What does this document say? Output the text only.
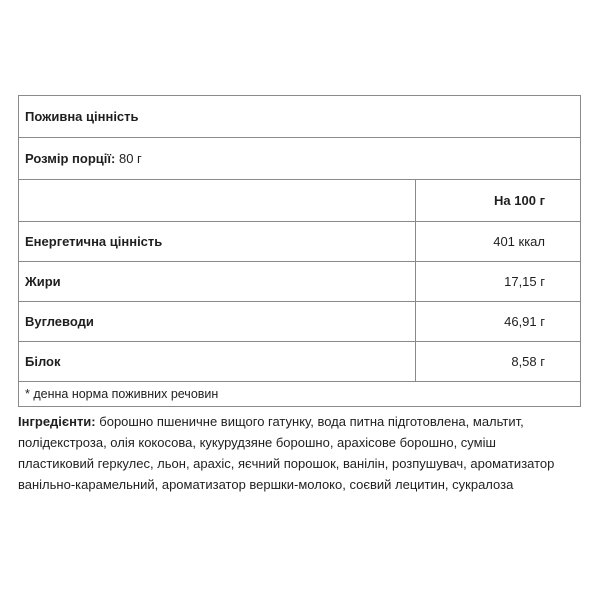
Поживна цінність
Розмір порції:
80 г
На 100 г
Енергетична цінність	401 ккал
Жири	17,15 г
Вуглеводи	46,91 г
Білок	8,58 г
* денна норма поживних речовин
Інгредієнти: борошно пшеничне вищого гатунку, вода питна підготовлена, мальтит, полідекстроза, олія кокосова, кукурудзяне борошно, арахісове борошно, суміш пластиковий геркулес, льон, арахіс, яєчний порошок, ванілін, розпушувач, ароматизатор ванільно-карамельний, ароматизатор вершки-молоко, соєвий лецитин, сукралоза
